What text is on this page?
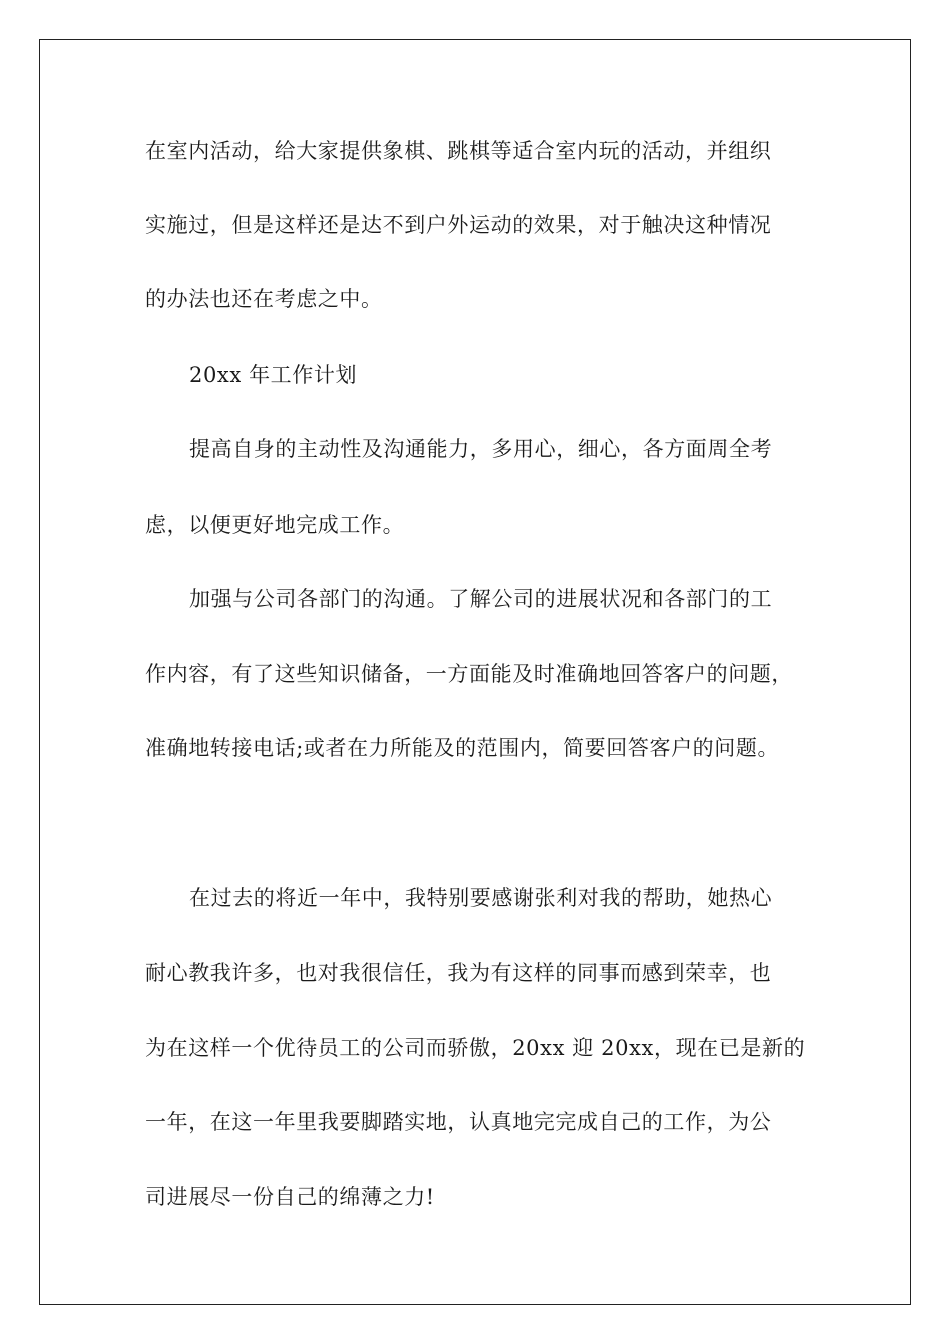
在室内活动，给大家提供象棋、跳棋等适合室内玩的活动，并组织
实施过，但是这样还是达不到户外运动的效果，对于触决这种情况
的办法也还在考虑之中。
20xx 年工作计划
提高自身的主动性及沟通能力，多用心，细心，各方面周全考
虑，以便更好地完成工作。
加强与公司各部门的沟通。了解公司的进展状况和各部门的工
作内容，有了这些知识储备，一方面能及时准确地回答客户的问题，
准确地转接电话;或者在力所能及的范围内，简要回答客户的问题。
在过去的将近一年中，我特别要感谢张利对我的帮助，她热心
耐心教我许多，也对我很信任，我为有这样的同事而感到荣幸，也
为在这样一个优待员工的公司而骄傲，20xx 迎 20xx，现在已是新的
一年，在这一年里我要脚踏实地，认真地完完成自己的工作，为公
司进展尽一份自己的绵薄之力!
